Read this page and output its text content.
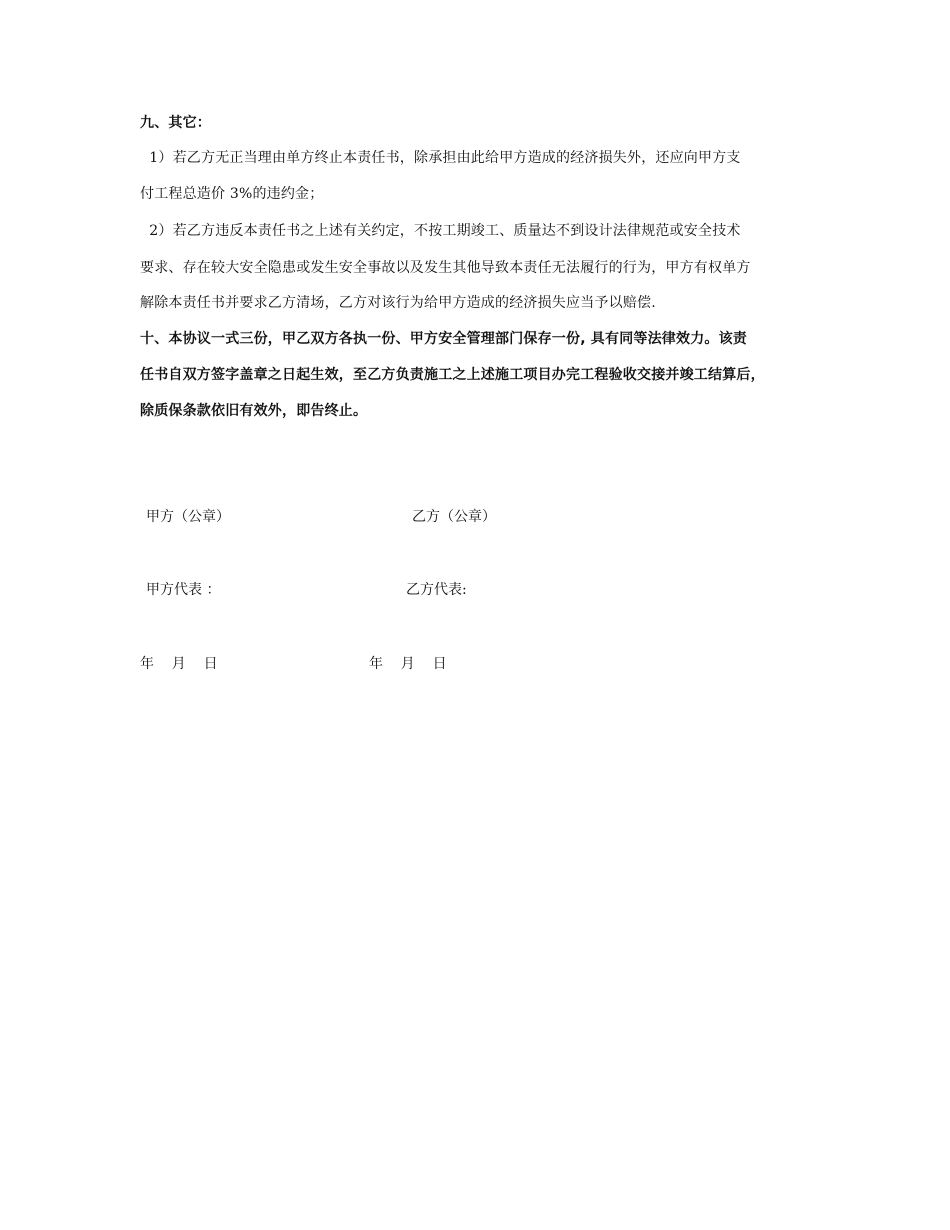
九、其它：
1）若乙方无正当理由单方终止本责任书，除承担由此给甲方造成的经济损失外，还应向甲方支
付工程总造价 3%的违约金；
2）若乙方违反本责任书之上述有关约定，不按工期竣工、质量达不到设计法律规范或安全技术
要求、存在较大安全隐患或发生安全事故以及发生其他导致本责任无法履行的行为，甲方有权单方
解除本责任书并要求乙方清场，乙方对该行为给甲方造成的经济损失应当予以赔偿.
十、本协议一式三份，甲乙双方各执一份、甲方安全管理部门保存一份, 具有同等法律效力。该责
任书自双方签字盖章之日起生效，至乙方负责施工之上述施工项目办完工程验收交接并竣工结算后，
除质保条款依旧有效外，即告终止。
甲方（公章）	乙方（公章）
甲方代表 ：	乙方代表:
年    月    日	年    月    日
